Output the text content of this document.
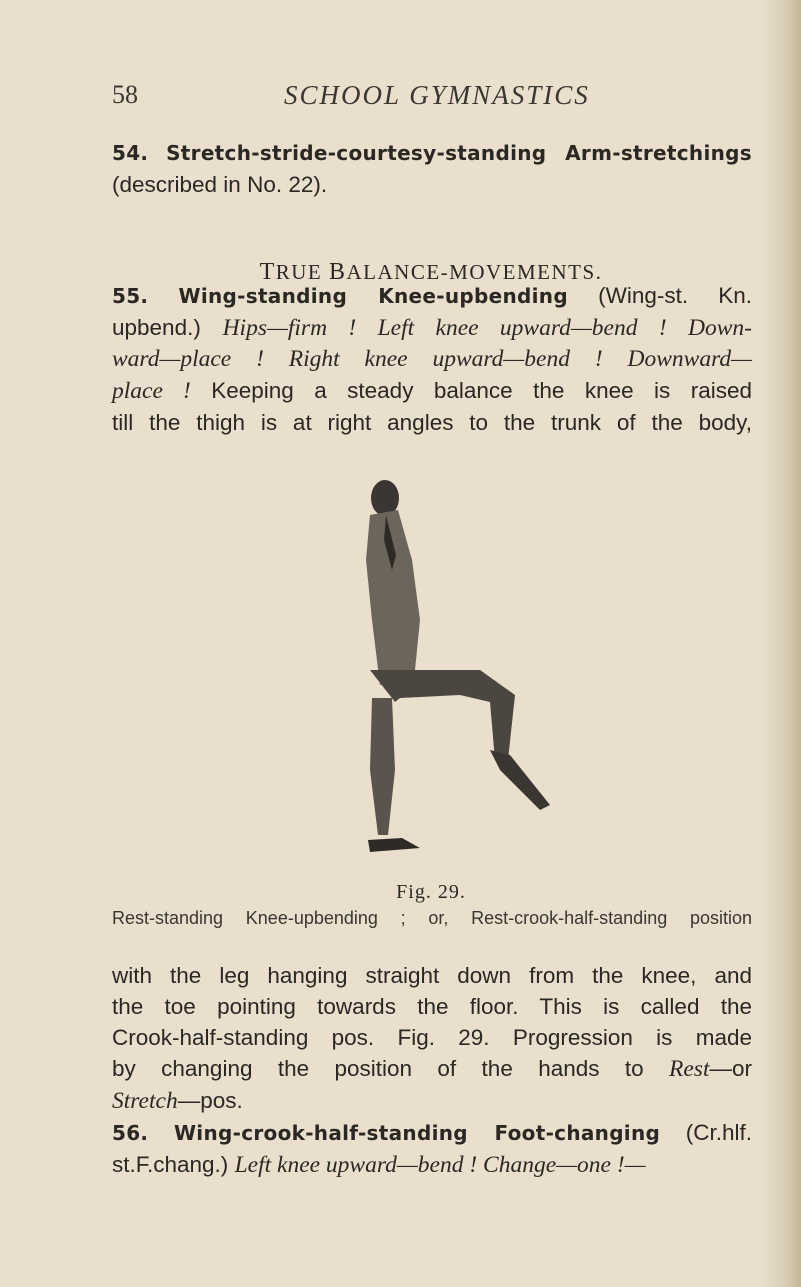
58	SCHOOL GYMNASTICS
54. Stretch-stride-courtesy-standing Arm-stretchings
(described in No. 22).
TRUE BALANCE-MOVEMENTS.
55. Wing-standing Knee-upbending (Wing-st. Kn.
upbend.) Hips—firm ! Left knee upward—bend ! Down-
ward—place ! Right knee upward—bend ! Downward—
place ! Keeping a steady balance the knee is raised
till the thigh is at right angles to the trunk of the body,
Fig. 29.
Rest-standing Knee-upbending ; or, Rest-crook-half-standing position
with the leg hanging straight down from the knee, and
the toe pointing towards the floor. This is called the
Crook-half-standing pos. Fig. 29. Progression is made
by changing the position of the hands to Rest—or
Stretch—pos.
56. Wing-crook-half-standing Foot-changing (Cr.hlf.
st.F.chang.) Left knee upward—bend ! Change—one !—
